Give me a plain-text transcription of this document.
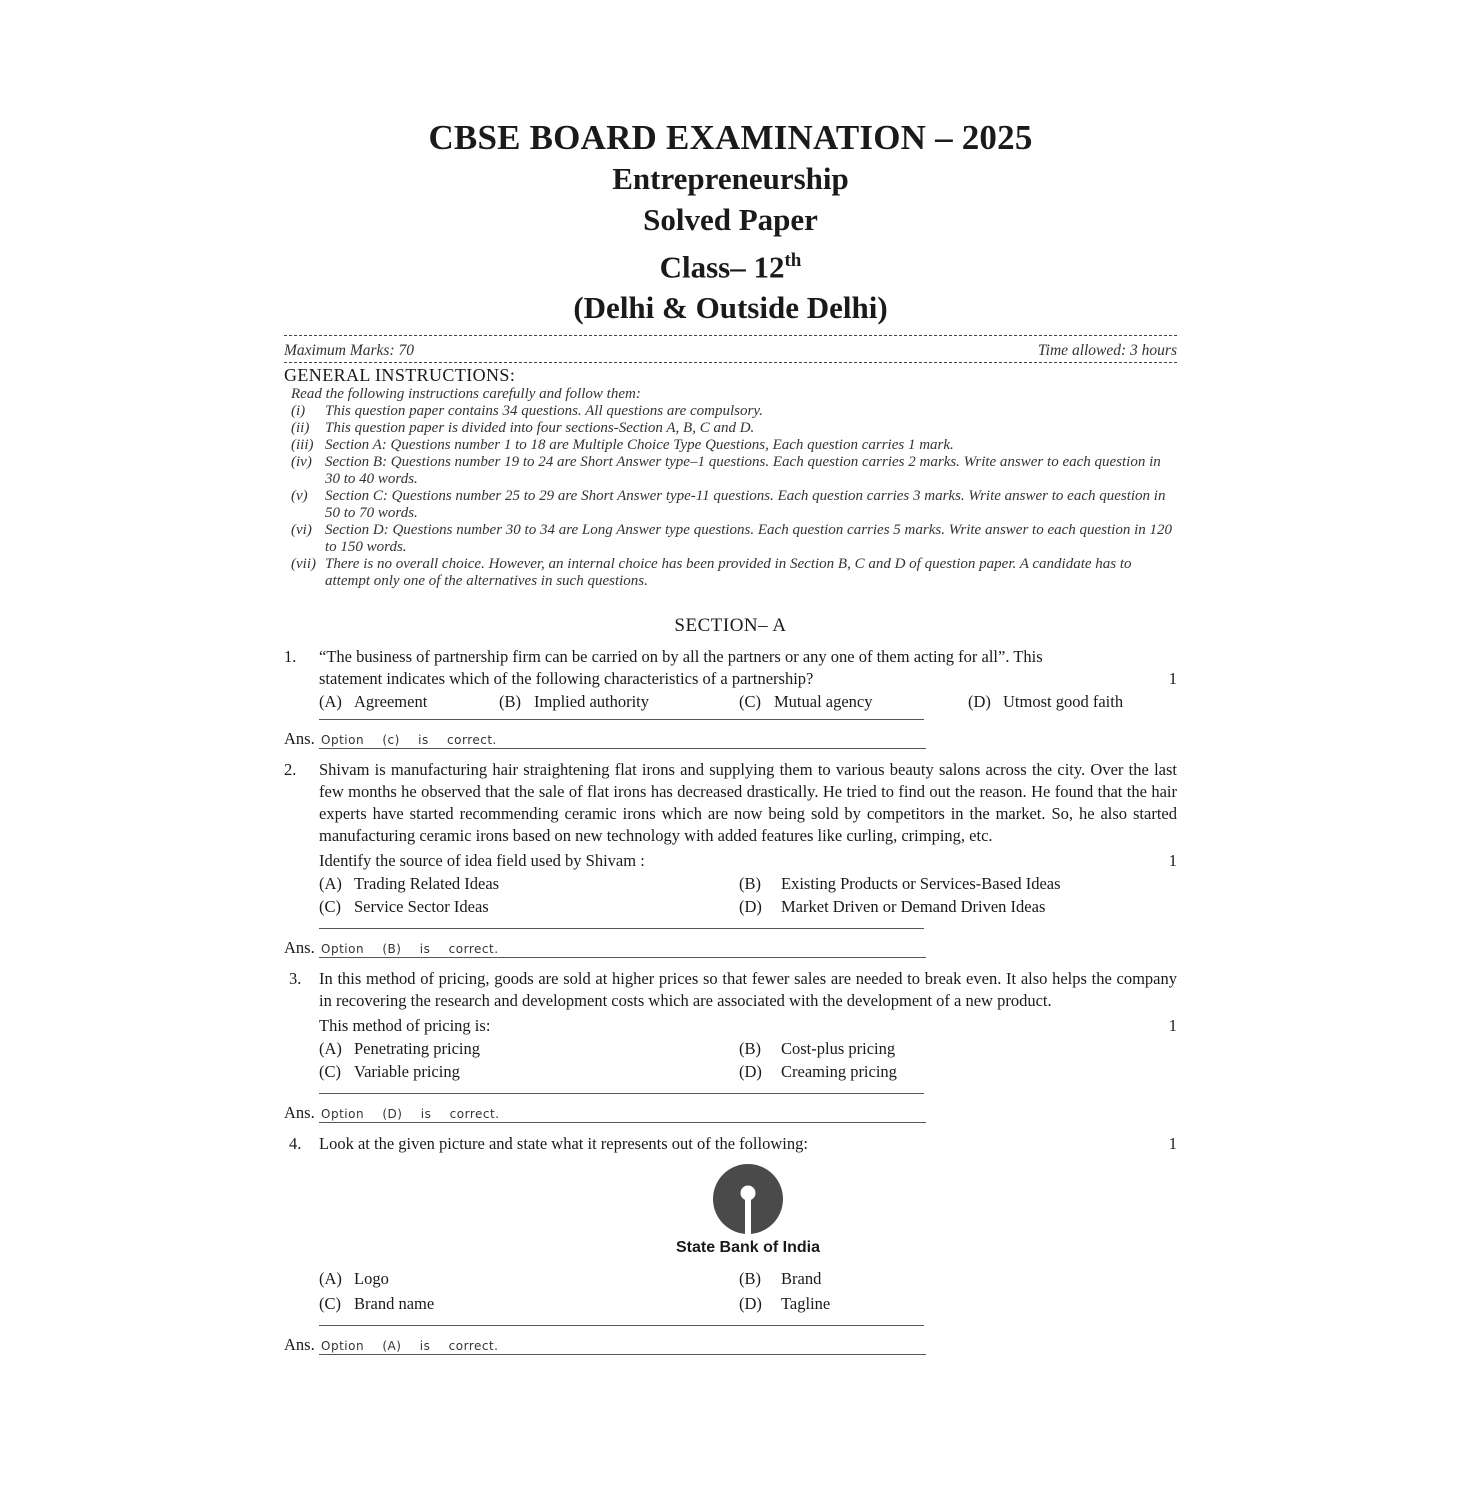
CBSE BOARD EXAMINATION – 2025
Entrepreneurship
Solved Paper
Class– 12th
(Delhi & Outside Delhi)
Maximum Marks: 70	Time allowed: 3 hours
GENERAL INSTRUCTIONS:
Read the following instructions carefully and follow them:
(i)	This question paper contains 34 questions. All questions are compulsory.
(ii)	This question paper is divided into four sections-Section A, B, C and D.
(iii) Section A: Questions number 1 to 18 are Multiple Choice Type Questions, Each question carries 1 mark.
(iv) Section B: Questions number 19 to 24 are Short Answer type–1 questions. Each question carries 2 marks. Write answer to each question in 30 to 40 words.
(v)	Section C: Questions number 25 to 29 are Short Answer type-11 questions. Each question carries 3 marks. Write answer to each question in 50 to 70 words.
(vi) Section D: Questions number 30 to 34 are Long Answer type questions. Each question carries 5 marks. Write answer to each question in 120 to 150 words.
(vii) There is no overall choice. However, an internal choice has been provided in Section B, C and D of question paper. A candidate has to attempt only one of the alternatives in such questions.
SECTION– A
1.	“The business of partnership firm can be carried on by all the partners or any one of them acting for all”. This
statement indicates which of the following characteristics of a partnership?	1
(A) Agreement	(B) Implied authority	(C) Mutual agency	(D) Utmost good faith
Ans. Option (c) is correct.
2.	Shivam is manufacturing hair straightening flat irons and supplying them to various beauty salons across the city. Over the last few months he observed that the sale of flat irons has decreased drastically. He tried to find out the reason. He found that the hair experts have started recommending ceramic irons which are now being sold by competitors in the market. So, he also started manufacturing ceramic irons based on new technology with added features like curling, crimping, etc.
Identify the source of idea field used by Shivam :	1
(A) Trading Related Ideas	(B)	Existing Products or Services-Based Ideas
(C) Service Sector Ideas	(D)	Market Driven or Demand Driven Ideas
Ans. Option (B) is correct.
3.	In this method of pricing, goods are sold at higher prices so that fewer sales are needed to break even. It also helps the company in recovering the research and development costs which are associated with the development of a new product.
This method of pricing is:	1
(A) Penetrating pricing	(B)	Cost-plus pricing
(C) Variable pricing	(D)	Creaming pricing
Ans. Option (D) is correct.
4.	Look at the given picture and state what it represents out of the following:	1
State Bank of India
(A) Logo	(B)	Brand
(C) Brand name	(D)	Tagline
Ans. Option (A) is correct.
